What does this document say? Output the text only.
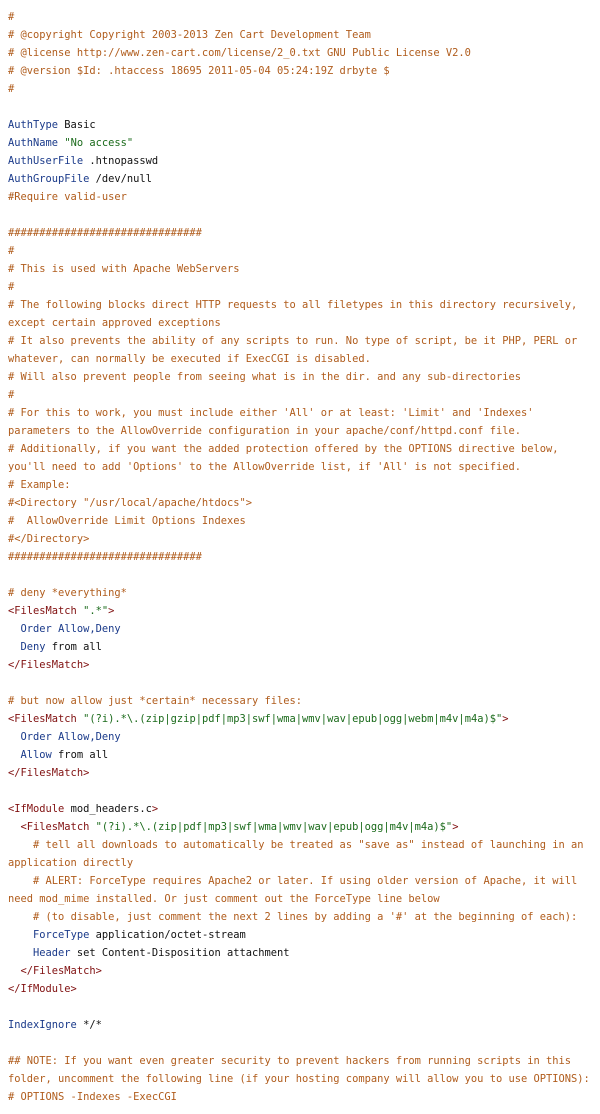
#
# @copyright Copyright 2003-2013 Zen Cart Development Team
# @license http://www.zen-cart.com/license/2_0.txt GNU Public License V2.0
# @version $Id: .htaccess 18695 2011-05-04 05:24:19Z drbyte $
#
AuthType Basic
AuthName "No access"
AuthUserFile .htnopasswd
AuthGroupFile /dev/null
#Require valid-user
###############################
#
# This is used with Apache WebServers
#
# The following blocks direct HTTP requests to all filetypes in this directory recursively, except certain approved exceptions
# It also prevents the ability of any scripts to run. No type of script, be it PHP, PERL or whatever, can normally be executed if ExecCGI is disabled.
# Will also prevent people from seeing what is in the dir. and any sub-directories
#
# For this to work, you must include either 'All' or at least: 'Limit' and 'Indexes' parameters to the AllowOverride configuration in your apache/conf/httpd.conf file.
# Additionally, if you want the added protection offered by the OPTIONS directive below, you'll need to add 'Options' to the AllowOverride list, if 'All' is not specified.
# Example:
#<Directory "/usr/local/apache/htdocs">
#  AllowOverride Limit Options Indexes
#</Directory>
###############################
# deny *everything*
<FilesMatch ".*">
Order Allow,Deny
Deny from all
</FilesMatch>
# but now allow just *certain* necessary files:
<FilesMatch "(?i).*\.(zip|gzip|pdf|mp3|swf|wma|wmv|wav|epub|ogg|webm|m4v|m4a)$">
Order Allow,Deny
Allow from all
</FilesMatch>
<IfModule mod_headers.c>
<FilesMatch "(?i).*\.(zip|pdf|mp3|swf|wma|wmv|wav|epub|ogg|m4v|m4a)$">
# tell all downloads to automatically be treated as "save as" instead of launching in an application directly
# ALERT: ForceType requires Apache2 or later. If using older version of Apache, it will need mod_mime installed. Or just comment out the ForceType line below
# (to disable, just comment the next 2 lines by adding a '#' at the beginning of each):
ForceType application/octet-stream
Header set Content-Disposition attachment
</FilesMatch>
</IfModule>
IndexIgnore */*
## NOTE: If you want even greater security to prevent hackers from running scripts in this folder, uncomment the following line (if your hosting company will allow you to use OPTIONS):
# OPTIONS -Indexes -ExecCGI
